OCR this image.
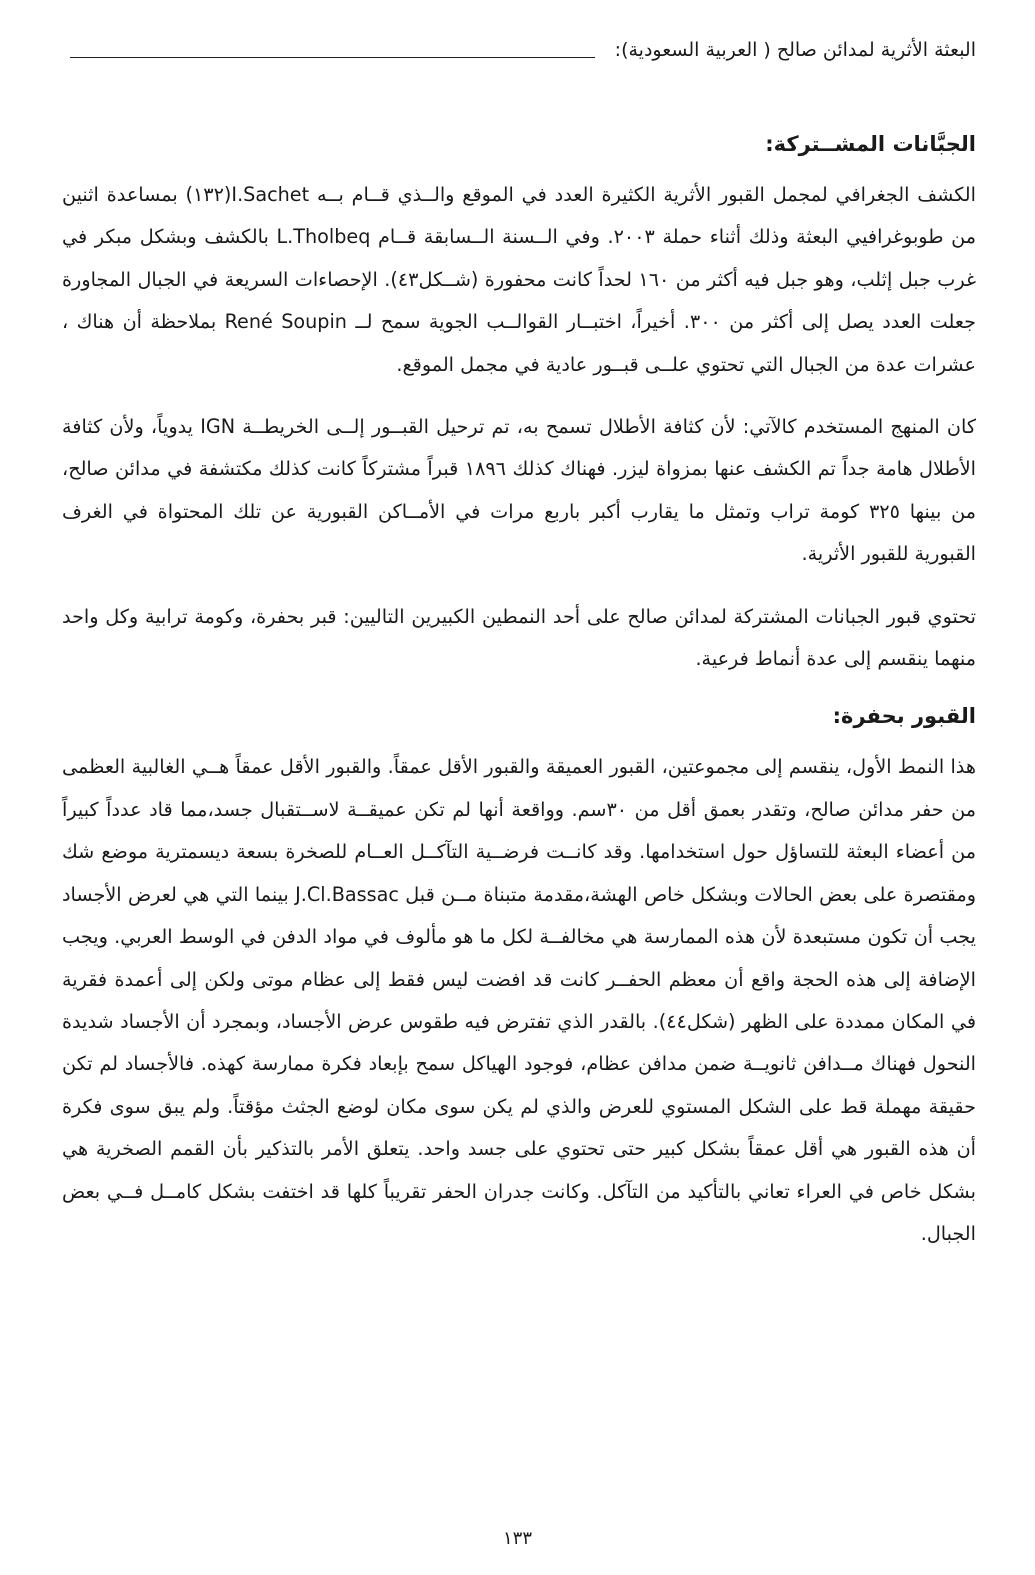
البعثة الأثرية لمدائن صالح ( العربية السعودية):
الجبَّانات المشــتركة:

الكشف الجغرافي لمجمل القبور الأثرية الكثيرة العدد في الموقع والــذي قــام بــه I.Sachet(١٣٢) بمساعدة اثنين من طوبوغرافيي البعثة وذلك أثناء حملة ٢٠٠٣. وفي الــسنة الــسابقة قــام L.Tholbeq بالكشف وبشكل مبكر في غرب جبل إثلب، وهو جبل فيه أكثر من ١٦٠ لحداً كانت محفورة (شــكل٤٣). الإحصاءات السريعة في الجبال المجاورة جعلت العدد يصل إلى أكثر من ٣٠٠. أخيراً، اختبــار القوالــب الجوية سمح لــ René Soupin بملاحظة أن هناك ، عشرات عدة من الجبال التي تحتوي علــى قبــور عادية في مجمل الموقع.

كان المنهج المستخدم كالآتي: لأن كثافة الأطلال تسمح به، تم ترحيل القبــور إلــى الخريطــة IGN يدوياً، ولأن كثافة الأطلال هامة جداً تم الكشف عنها بمزواة ليزر. فهناك كذلك ١٨٩٦ قبراً مشتركاً كانت كذلك مكتشفة في مدائن صالح، من بينها ٣٢٥ كومة تراب وتمثل ما يقارب أكبر باربع مرات في الأمــاكن القبورية عن تلك المحتواة في الغرف القبورية للقبور الأثرية.

تحتوي قبور الجبانات المشتركة لمدائن صالح على أحد النمطين الكبيرين التاليين: قبر بحفرة، وكومة ترابية وكل واحد منهما ينقسم إلى عدة أنماط فرعية.

القبور بحفرة:

هذا النمط الأول، ينقسم إلى مجموعتين، القبور العميقة والقبور الأقل عمقاً. والقبور الأقل عمقاً هــي الغالبية العظمى من حفر مدائن صالح، وتقدر بعمق أقل من ٣٠سم. وواقعة أنها لم تكن عميقــة لاســتقبال جسد،مما قاد عدداً كبيراً من أعضاء البعثة للتساؤل حول استخدامها. وقد كانــت فرضــية التآكــل العــام للصخرة بسعة ديسمترية موضع شك ومقتصرة على بعض الحالات وبشكل خاص الهشة،مقدمة متبناة مــن قبل J.Cl.Bassac بينما التي هي لعرض الأجساد يجب أن تكون مستبعدة لأن هذه الممارسة هي مخالفــة لكل ما هو مألوف في مواد الدفن في الوسط العربي. ويجب الإضافة إلى هذه الحجة واقع أن معظم الحفــر كانت قد افضت ليس فقط إلى عظام موتى ولكن إلى أعمدة فقرية في المكان ممددة على الظهر (شكل٤٤). بالقدر الذي تفترض فيه طقوس عرض الأجساد، وبمجرد أن الأجساد شديدة النحول فهناك مــدافن ثانويــة ضمن مدافن عظام، فوجود الهياكل سمح بإبعاد فكرة ممارسة كهذه. فالأجساد لم تكن حقيقة مهملة قط على الشكل المستوي للعرض والذي لم يكن سوى مكان لوضع الجثث مؤقتاً. ولم يبق سوى فكرة أن هذه القبور هي أقل عمقاً بشكل كبير حتى تحتوي على جسد واحد. يتعلق الأمر بالتذكير بأن القمم الصخرية هي بشكل خاص في العراء تعاني بالتأكيد من التآكل. وكانت جدران الحفر تقريباً كلها قد اختفت بشكل كامــل فــي بعض الجبال.

١٣٣
